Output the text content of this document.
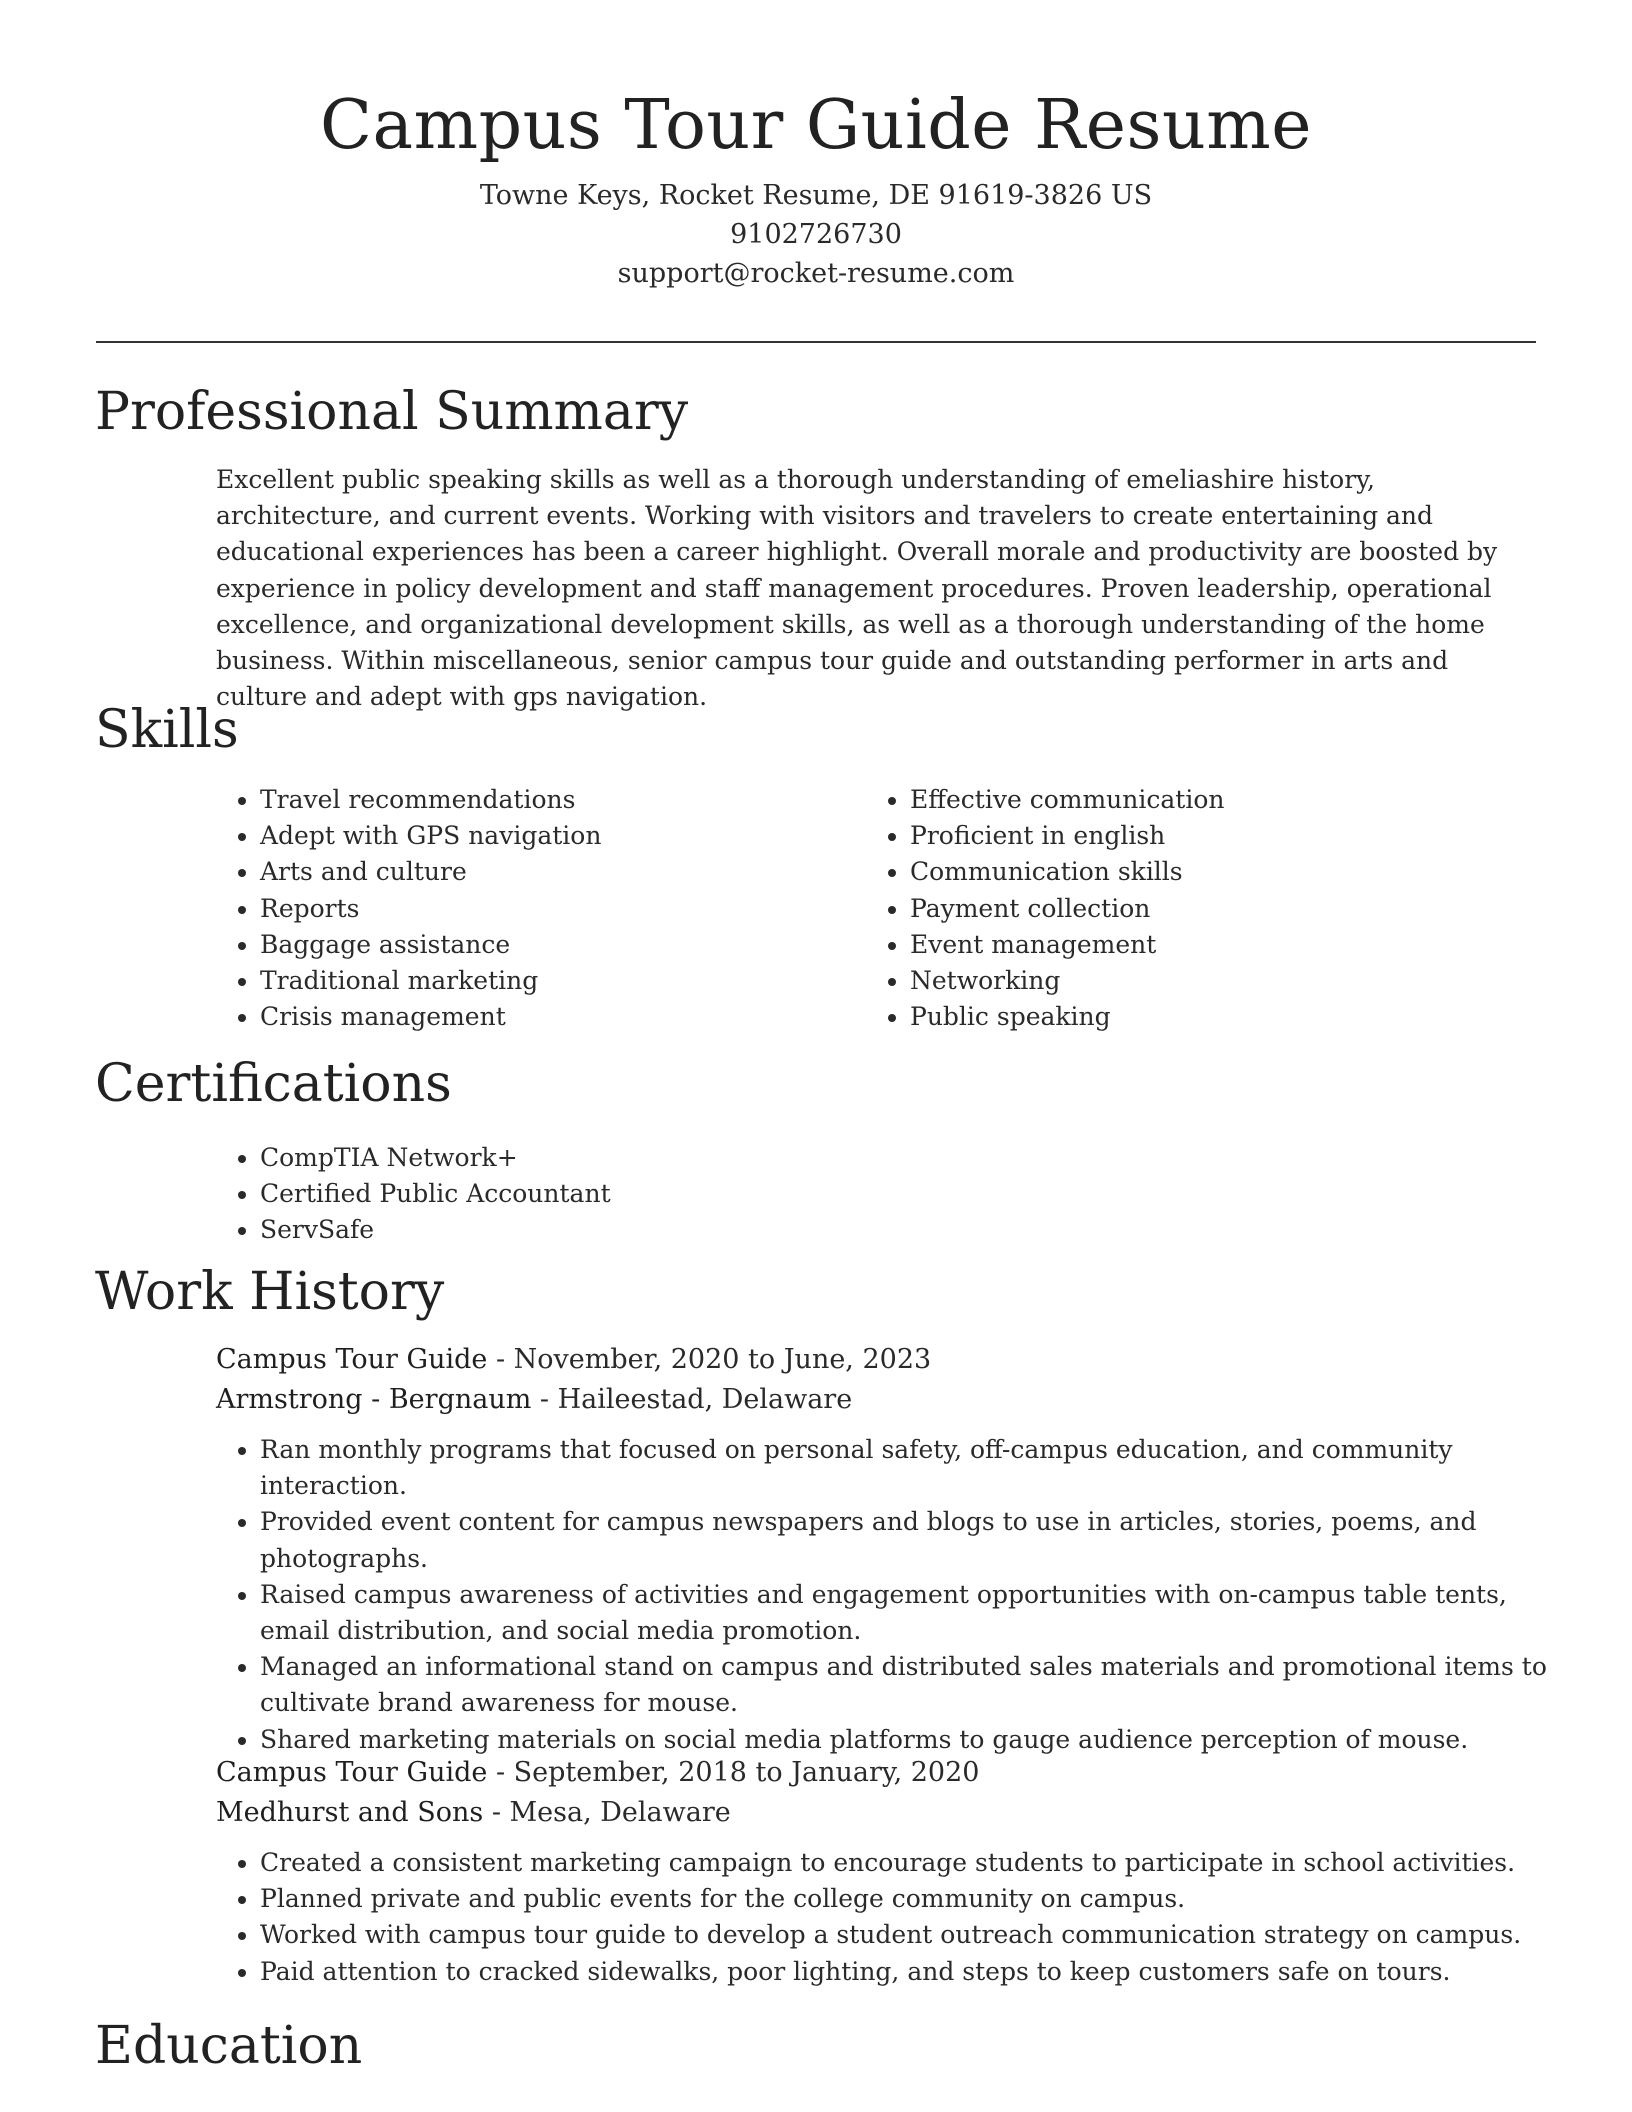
Campus Tour Guide Resume
Towne Keys, Rocket Resume, DE 91619-3826 US
9102726730
support@rocket-resume.com
Professional Summary
Excellent public speaking skills as well as a thorough understanding of emeliashire history, architecture, and current events. Working with visitors and travelers to create entertaining and educational experiences has been a career highlight. Overall morale and productivity are boosted by experience in policy development and staff management procedures. Proven leadership, operational excellence, and organizational development skills, as well as a thorough understanding of the home business. Within miscellaneous, senior campus tour guide and outstanding performer in arts and culture and adept with gps navigation.
Skills
• Travel recommendations
• Adept with GPS navigation
• Arts and culture
• Reports
• Baggage assistance
• Traditional marketing
• Crisis management
• Effective communication
• Proficient in english
• Communication skills
• Payment collection
• Event management
• Networking
• Public speaking
Certifications
• CompTIA Network+
• Certified Public Accountant
• ServSafe
Work History
Campus Tour Guide - November, 2020 to June, 2023
Armstrong - Bergnaum - Haileestad, Delaware
• Ran monthly programs that focused on personal safety, off-campus education, and community interaction.
• Provided event content for campus newspapers and blogs to use in articles, stories, poems, and photographs.
• Raised campus awareness of activities and engagement opportunities with on-campus table tents, email distribution, and social media promotion.
• Managed an informational stand on campus and distributed sales materials and promotional items to cultivate brand awareness for mouse.
• Shared marketing materials on social media platforms to gauge audience perception of mouse.
Campus Tour Guide - September, 2018 to January, 2020
Medhurst and Sons - Mesa, Delaware
• Created a consistent marketing campaign to encourage students to participate in school activities.
• Planned private and public events for the college community on campus.
• Worked with campus tour guide to develop a student outreach communication strategy on campus.
• Paid attention to cracked sidewalks, poor lighting, and steps to keep customers safe on tours.
Education
